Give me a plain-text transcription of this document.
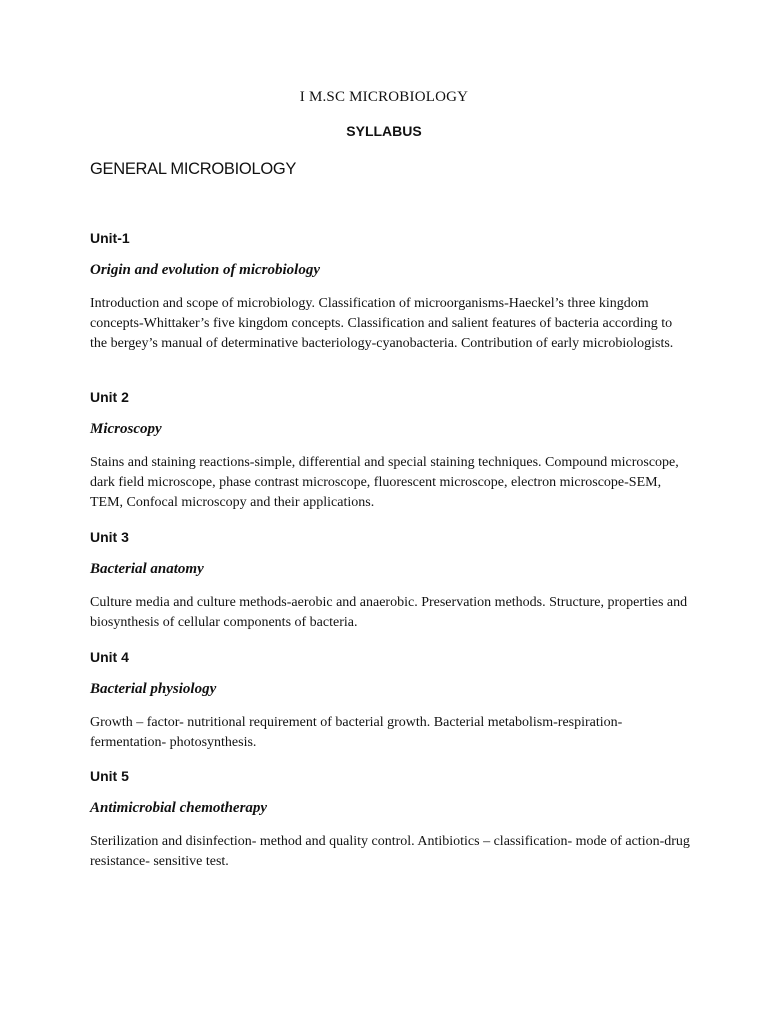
I M.SC MICROBIOLOGY
SYLLABUS
GENERAL MICROBIOLOGY

Unit-1

Origin and evolution of microbiology

Introduction and scope of microbiology. Classification of microorganisms-Haeckel’s three kingdom concepts-Whittaker’s five kingdom concepts. Classification and salient features of bacteria according to the bergey’s manual of determinative bacteriology-cyanobacteria. Contribution of early microbiologists.

Unit 2

Microscopy

Stains and staining reactions-simple, differential and special staining techniques. Compound microscope, dark field microscope, phase contrast microscope, fluorescent microscope, electron microscope-SEM, TEM, Confocal microscopy and their applications.

Unit 3

Bacterial anatomy

Culture media and culture methods-aerobic and anaerobic. Preservation methods. Structure, properties and biosynthesis of cellular components of bacteria.

Unit 4

Bacterial physiology

Growth – factor- nutritional requirement of bacterial growth. Bacterial metabolism-respiration- fermentation- photosynthesis.

Unit 5

Antimicrobial chemotherapy

Sterilization and disinfection- method and quality control. Antibiotics – classification- mode of action-drug resistance- sensitive test.
